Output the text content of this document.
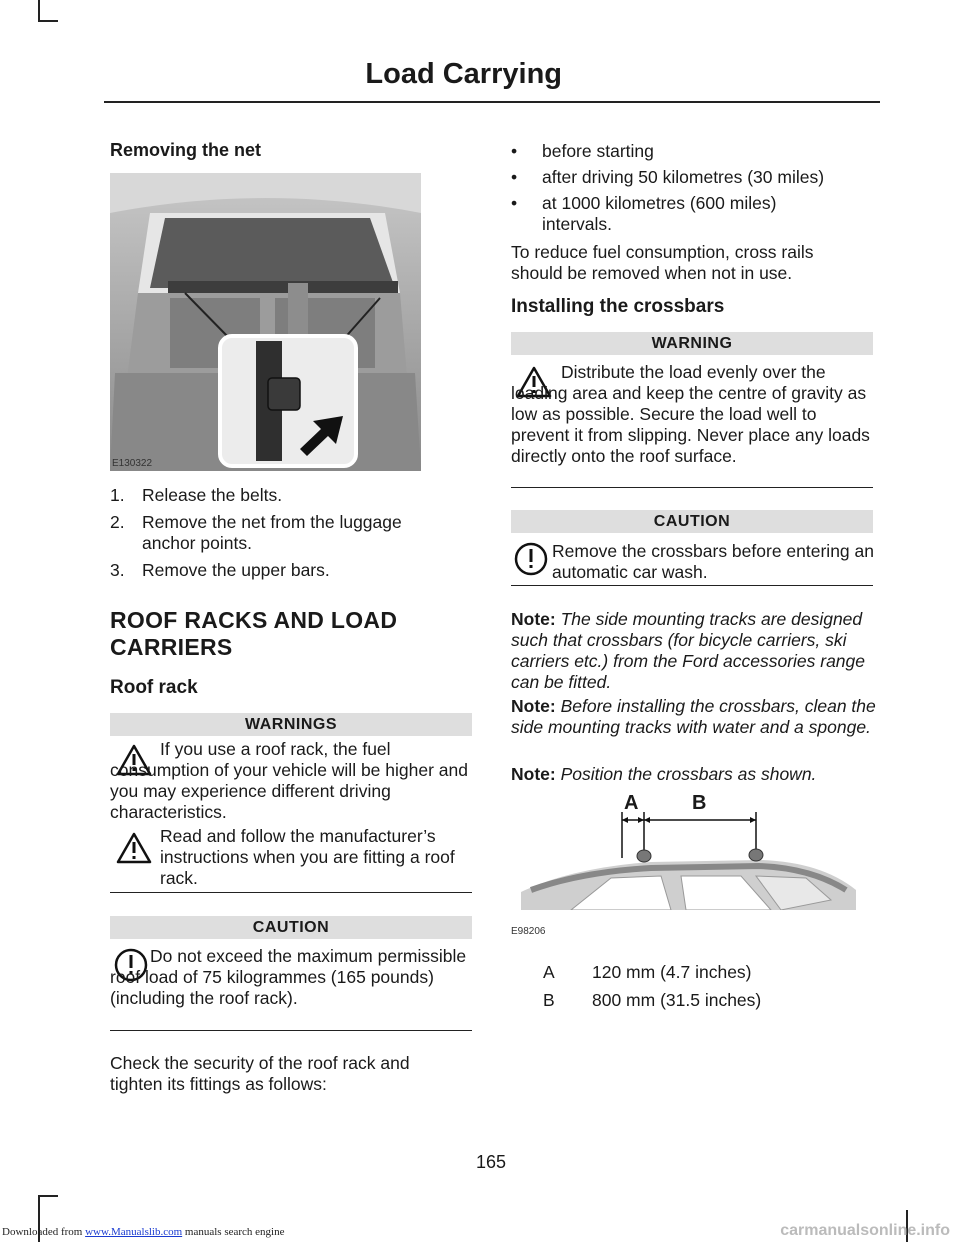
Load Carrying
Removing the net
E130322
1. Release the belts.
2. Remove the net from the luggage anchor points.
3. Remove the upper bars.
ROOF RACKS AND LOAD CARRIERS
Roof rack
WARNINGS
If you use a roof rack, the fuel consumption of your vehicle will be higher and you may experience different driving characteristics.
Read and follow the manufacturer’s instructions when you are fitting a roof rack.
CAUTION
Do not exceed the maximum permissible roof load of 75 kilogrammes (165 pounds) (including the roof rack).
Check the security of the roof rack and tighten its fittings as follows:
• before starting
• after driving 50 kilometres (30 miles)
• at 1000 kilometres (600 miles) intervals.
To reduce fuel consumption, cross rails should be removed when not in use.
Installing the crossbars
WARNING
Distribute the load evenly over the loading area and keep the centre of gravity as low as possible. Secure the load well to prevent it from slipping. Never place any loads directly onto the roof surface.
CAUTION
Remove the crossbars before entering an automatic car wash.
Note: The side mounting tracks are designed such that crossbars (for bicycle carriers, ski carriers etc.) from the Ford accessories range can be fitted.
Note: Before installing the crossbars, clean the side mounting tracks with water and a sponge.
Note: Position the crossbars as shown.
A	B
E98206
A 120 mm (4.7 inches)
B 800 mm (31.5 inches)
165
Downloaded from www.Manualslib.com manuals search engine	carmanualsonline.info
